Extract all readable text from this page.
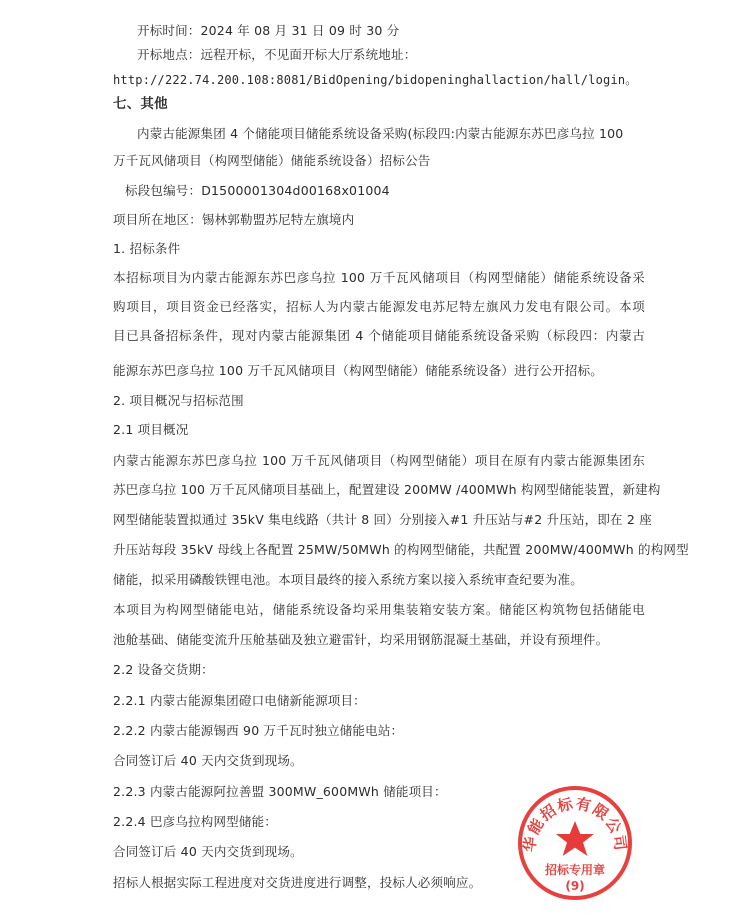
开标时间：2024 年 08 月 31 日 09 时 30 分
开标地点：远程开标，不见面开标大厅系统地址：
http://222.74.200.108:8081/BidOpening/bidopeninghallaction/hall/login。
七、其他
内蒙古能源集团 4 个储能项目储能系统设备采购(标段四:内蒙古能源东苏巴彦乌拉 100
万千瓦风储项目（构网型储能）储能系统设备）招标公告
标段包编号：D1500001304d00168x01004
项目所在地区：锡林郭勒盟苏尼特左旗境内
1. 招标条件
本招标项目为内蒙古能源东苏巴彦乌拉 100 万千瓦风储项目（构网型储能）储能系统设备采
购项目，项目资金已经落实，招标人为内蒙古能源发电苏尼特左旗风力发电有限公司。本项
目已具备招标条件，现对内蒙古能源集团 4 个储能项目储能系统设备采购（标段四：内蒙古
能源东苏巴彦乌拉 100 万千瓦风储项目（构网型储能）储能系统设备）进行公开招标。
2. 项目概况与招标范围
2.1 项目概况
内蒙古能源东苏巴彦乌拉 100 万千瓦风储项目（构网型储能）项目在原有内蒙古能源集团东
苏巴彦乌拉 100 万千瓦风储项目基础上，配置建设 200MW /400MWh 构网型储能装置，新建构
网型储能装置拟通过 35kV 集电线路（共计 8 回）分别接入#1 升压站与#2 升压站，即在 2 座
升压站每段 35kV 母线上各配置 25MW/50MWh 的构网型储能，共配置 200MW/400MWh 的构网型
储能，拟采用磷酸铁锂电池。本项目最终的接入系统方案以接入系统审查纪要为准。
本项目为构网型储能电站，储能系统设备均采用集装箱安装方案。储能区构筑物包括储能电
池舱基础、储能变流升压舱基础及独立避雷针，均采用钢筋混凝土基础，并设有预埋件。
2.2 设备交货期：
2.2.1 内蒙古能源集团磴口电储新能源项目：
2.2.2 内蒙古能源锡西 90 万千瓦时独立储能电站：
合同签订后 40 天内交货到现场。
2.2.3 内蒙古能源阿拉善盟 300MW_600MWh 储能项目：
2.2.4 巴彦乌拉构网型储能：
合同签订后 40 天内交货到现场。
招标人根据实际工程进度对交货进度进行调整，投标人必须响应。
华能招标有限公司
招标专用章
(9)
